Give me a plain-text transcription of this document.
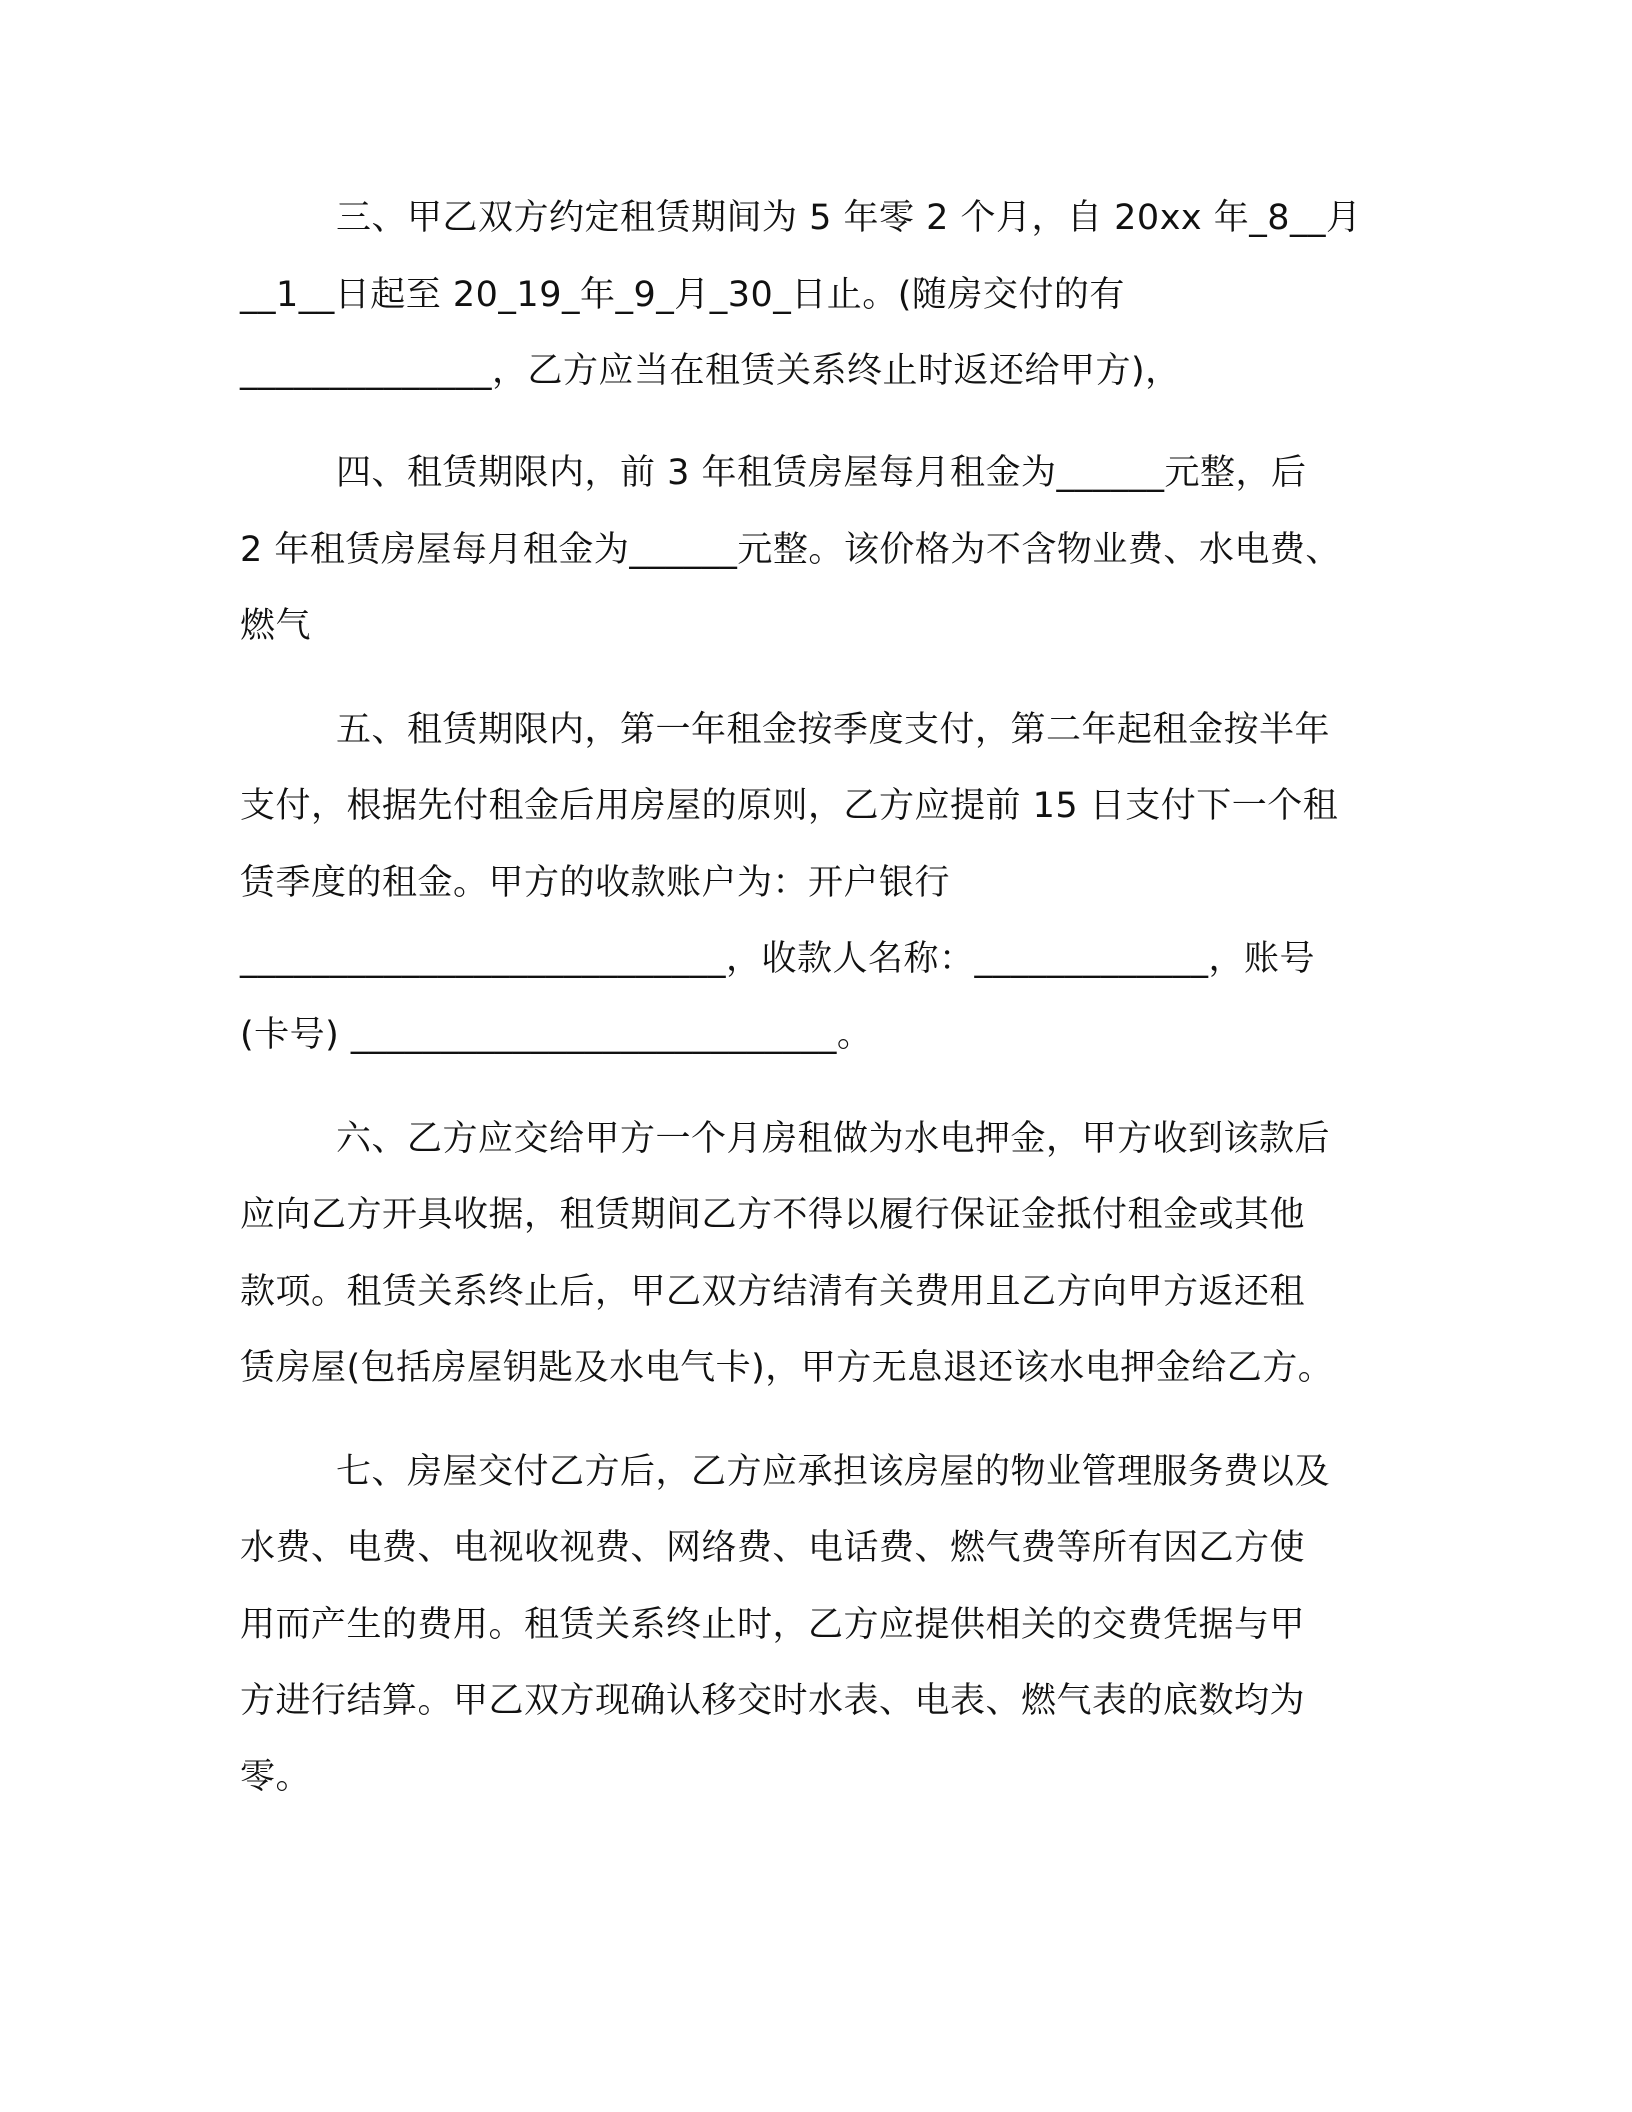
三、甲乙双方约定租赁期间为 5 年零 2 个月，自 20xx 年_8__月
__1__日起至 20_19_年_9_月_30_日止。(随房交付的有
______________，乙方应当在租赁关系终止时返还给甲方)，
四、租赁期限内，前 3 年租赁房屋每月租金为______元整，后
2 年租赁房屋每月租金为______元整。该价格为不含物业费、水电费、
燃气
五、租赁期限内，第一年租金按季度支付，第二年起租金按半年
支付，根据先付租金后用房屋的原则，乙方应提前 15 日支付下一个租
赁季度的租金。甲方的收款账户为：开户银行
___________________________，收款人名称：_____________，账号
(卡号) ___________________________。
六、乙方应交给甲方一个月房租做为水电押金，甲方收到该款后
应向乙方开具收据，租赁期间乙方不得以履行保证金抵付租金或其他
款项。租赁关系终止后，甲乙双方结清有关费用且乙方向甲方返还租
赁房屋(包括房屋钥匙及水电气卡)，甲方无息退还该水电押金给乙方。
七、房屋交付乙方后，乙方应承担该房屋的物业管理服务费以及
水费、电费、电视收视费、网络费、电话费、燃气费等所有因乙方使
用而产生的费用。租赁关系终止时，乙方应提供相关的交费凭据与甲
方进行结算。甲乙双方现确认移交时水表、电表、燃气表的底数均为
零。
